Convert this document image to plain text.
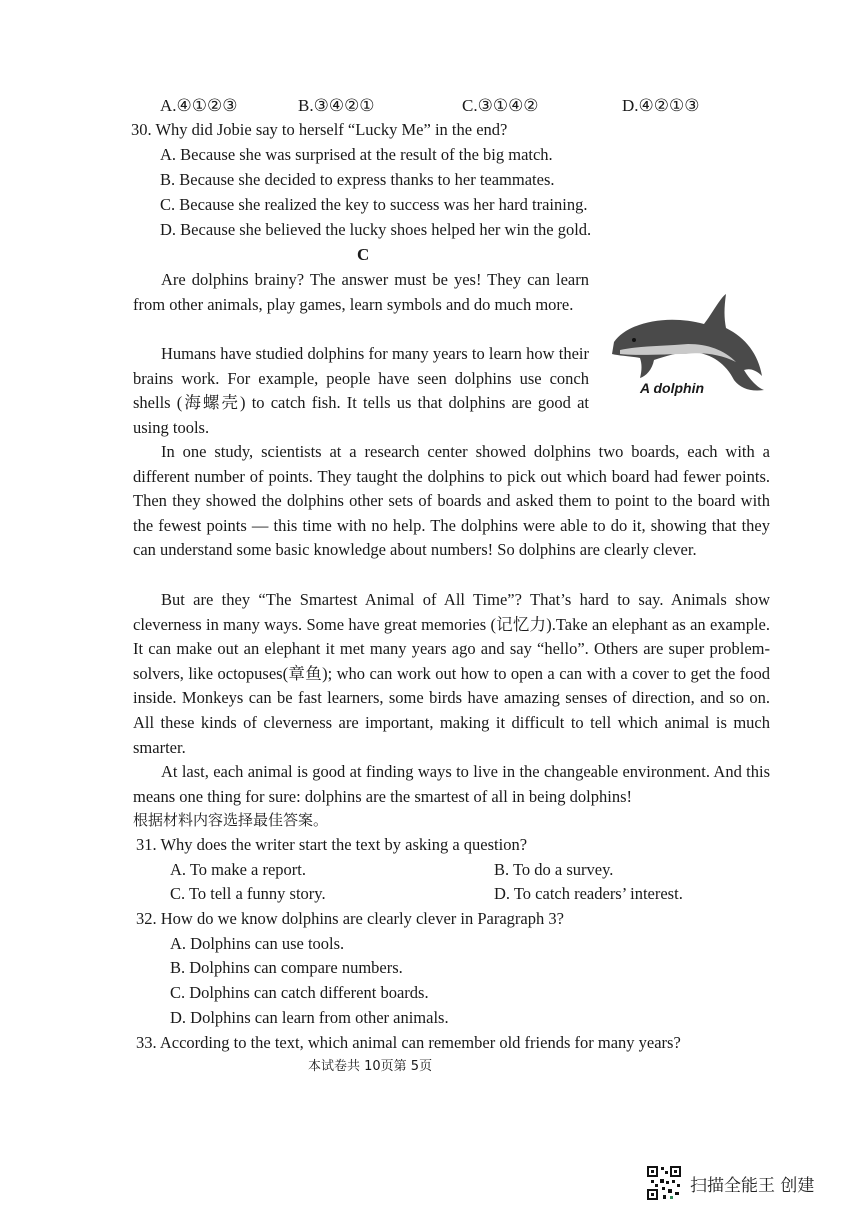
A.④①②③	B.③④②①	C.③①④②	D.④②①③
30. Why did Jobie say to herself “Lucky Me” in the end?
A. Because she was surprised at the result of the big match.
B. Because she decided to express thanks to her teammates.
C. Because she realized the key to success was her hard training.
D. Because she believed the lucky shoes helped her win the gold.
C
Are dolphins brainy? The answer must be yes! They can learn from other animals, play games, learn symbols and do much more.
Humans have studied dolphins for many years to learn how their brains work. For example, people have seen dolphins use conch shells (海螺壳) to catch fish. It tells us that dolphins are good at using tools.
A dolphin
In one study, scientists at a research center showed dolphins two boards, each with a different number of points. They taught the dolphins to pick out which board had fewer points. Then they showed the dolphins other sets of boards and asked them to point to the board with the fewest points — this time with no help. The dolphins were able to do it, showing that they can understand some basic knowledge about numbers! So dolphins are clearly clever.
But are they “The Smartest Animal of All Time”? That’s hard to say. Animals show cleverness in many ways. Some have great memories (记忆力).Take an elephant as an example. It can make out an elephant it met many years ago and say “hello”. Others are super problem-solvers, like octopuses(章鱼); who can work out how to open a can with a cover to get the food inside. Monkeys can be fast learners, some birds have amazing senses of direction, and so on. All these kinds of cleverness are important, making it difficult to tell which animal is much smarter.
At last, each animal is good at finding ways to live in the changeable environment. And this means one thing for sure: dolphins are the smartest of all in being dolphins!
根据材料内容选择最佳答案。
31. Why does the writer start the text by asking a question?
A. To make a report.	B. To do a survey.
C. To tell a funny story.	D. To catch readers’ interest.
32. How do we know dolphins are clearly clever in Paragraph 3?
A. Dolphins can use tools.
B. Dolphins can compare numbers.
C. Dolphins can catch different boards.
D. Dolphins can learn from other animals.
33. According to the text, which animal can remember old friends for many years?
本试卷共 10页第 5页
扫描全能王 创建
